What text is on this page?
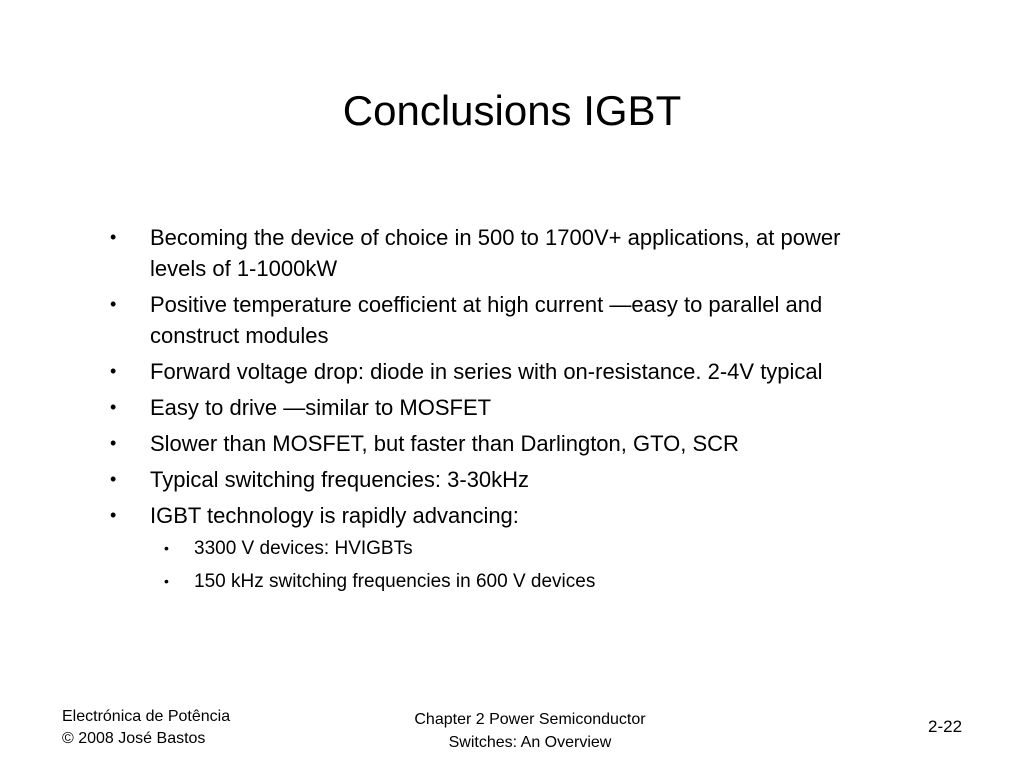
Conclusions IGBT
• Becoming the device of choice in 500 to 1700V+ applications, at power levels of 1-1000kW
• Positive temperature coefficient at high current —easy to parallel and construct modules
• Forward voltage drop: diode in series with on-resistance. 2-4V typical
• Easy to drive —similar to MOSFET
• Slower than MOSFET, but faster than Darlington, GTO, SCR
• Typical switching frequencies: 3-30kHz
• IGBT technology is rapidly advancing:
• 3300 V devices: HVIGBTs
• 150 kHz switching frequencies in 600 V devices
Electrónica de Potência
© 2008 José Bastos
Chapter 2 Power Semiconductor
Switches: An Overview
2-22
